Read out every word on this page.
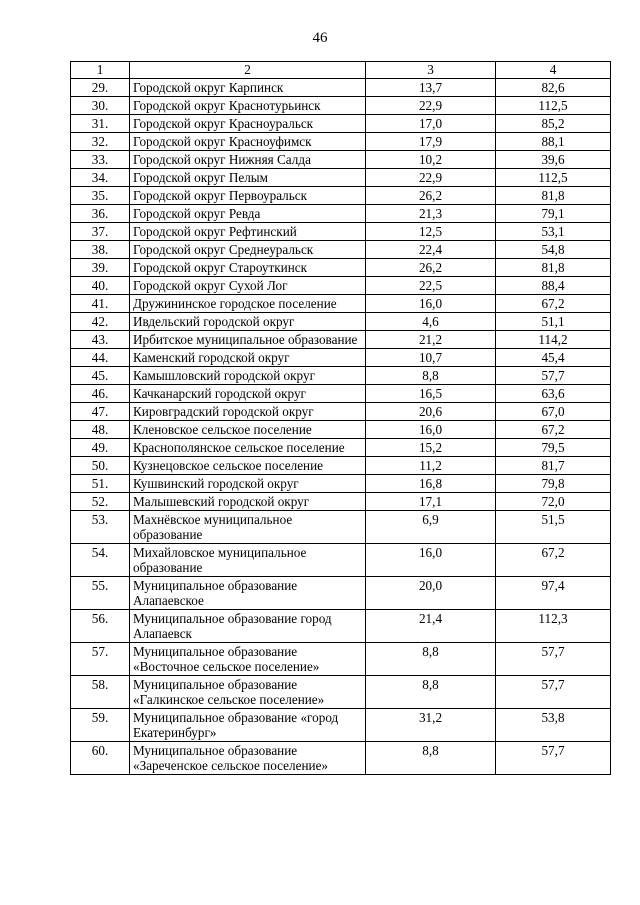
46
1	2	3	4
29.	Городской округ Карпинск	13,7	82,6
30.	Городской округ Краснотурьинск	22,9	112,5
31.	Городской округ Красноуральск	17,0	85,2
32.	Городской округ Красноуфимск	17,9	88,1
33.	Городской округ Нижняя Салда	10,2	39,6
34.	Городской округ Пелым	22,9	112,5
35.	Городской округ Первоуральск	26,2	81,8
36.	Городской округ Ревда	21,3	79,1
37.	Городской округ Рефтинский	12,5	53,1
38.	Городской округ Среднеуральск	22,4	54,8
39.	Городской округ Староуткинск	26,2	81,8
40.	Городской округ Сухой Лог	22,5	88,4
41.	Дружининское городское поселение	16,0	67,2
42.	Ивдельский городской округ	4,6	51,1
43.	Ирбитское муниципальное образование	21,2	114,2
44.	Каменский городской округ	10,7	45,4
45.	Камышловский городской округ	8,8	57,7
46.	Качканарский городской округ	16,5	63,6
47.	Кировградский городской округ	20,6	67,0
48.	Кленовское сельское поселение	16,0	67,2
49.	Краснополянское сельское поселение	15,2	79,5
50.	Кузнецовское сельское поселение	11,2	81,7
51.	Кушвинский городской округ	16,8	79,8
52.	Малышевский городской округ	17,1	72,0
53.	Махнёвское муниципальное образование	6,9	51,5
54.	Михайловское муниципальное образование	16,0	67,2
55.	Муниципальное образование Алапаевское	20,0	97,4
56.	Муниципальное образование город Алапаевск	21,4	112,3
57.	Муниципальное образование «Восточное сельское поселение»	8,8	57,7
58.	Муниципальное образование «Галкинское сельское поселение»	8,8	57,7
59.	Муниципальное образование «город Екатеринбург»	31,2	53,8
60.	Муниципальное образование «Зареченское сельское поселение»	8,8	57,7
